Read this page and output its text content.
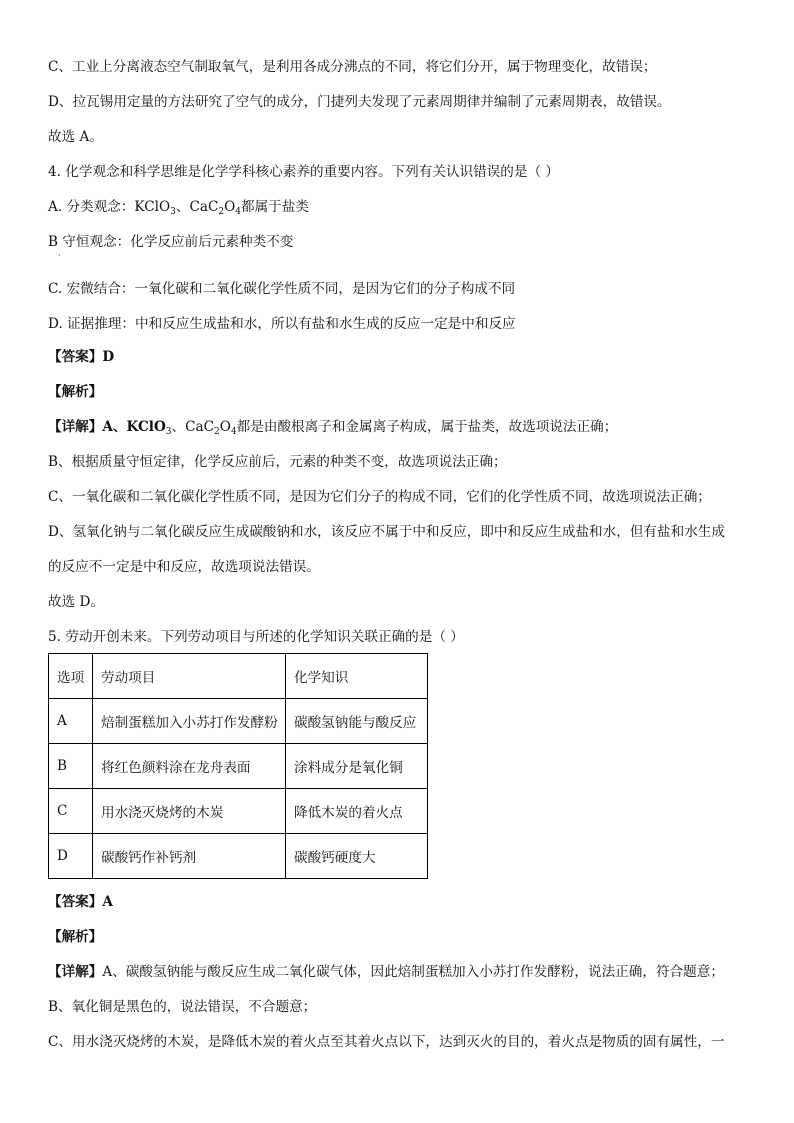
C、工业上分离液态空气制取氧气，是利用各成分沸点的不同，将它们分开，属于物理变化，故错误；
D、拉瓦锡用定量的方法研究了空气的成分，门捷列夫发现了元素周期律并编制了元素周期表，故错误。
故选 A。
4. 化学观念和科学思维是化学学科核心素养的重要内容。下列有关认识错误的是（ ）
A. 分类观念：KClO$_3$、$CaC_2O_4$都属于盐类
B 守恒观念：化学反应前后元素种类不变
·
C. 宏微结合：一氧化碳和二氧化碳化学性质不同，是因为它们的分子构成不同
D. 证据推理：中和反应生成盐和水，所以有盐和水生成的反应一定是中和反应
【答案】D
【解析】
【详解】A、KClO$_3$、$CaC_2O_4$都是由酸根离子和金属离子构成，属于盐类，故选项说法正确；
B、根据质量守恒定律，化学反应前后，元素的种类不变，故选项说法正确；
C、一氧化碳和二氧化碳化学性质不同，是因为它们分子的构成不同，它们的化学性质不同，故选项说法正确；
D、氢氧化钠与二氧化碳反应生成碳酸钠和水，该反应不属于中和反应，即中和反应生成盐和水，但有盐和水生成
的反应不一定是中和反应，故选项说法错误。
故选 D。
5. 劳动开创未来。下列劳动项目与所述的化学知识关联正确的是（ ）
选项	劳动项目	化学知识
A	焙制蛋糕加入小苏打作发酵粉	碳酸氢钠能与酸反应
B	将红色颜料涂在龙舟表面	涂料成分是氧化铜
C	用水浇灭烧烤的木炭	降低木炭的着火点
D	碳酸钙作补钙剂	碳酸钙硬度大
【答案】A
【解析】
【详解】A、碳酸氢钠能与酸反应生成二氧化碳气体，因此焙制蛋糕加入小苏打作发酵粉，说法正确，符合题意；
B、氧化铜是黑色的，说法错误，不合题意；
C、用水浇灭烧烤的木炭，是降低木炭的着火点至其着火点以下，达到灭火的目的，着火点是物质的固有属性，一
